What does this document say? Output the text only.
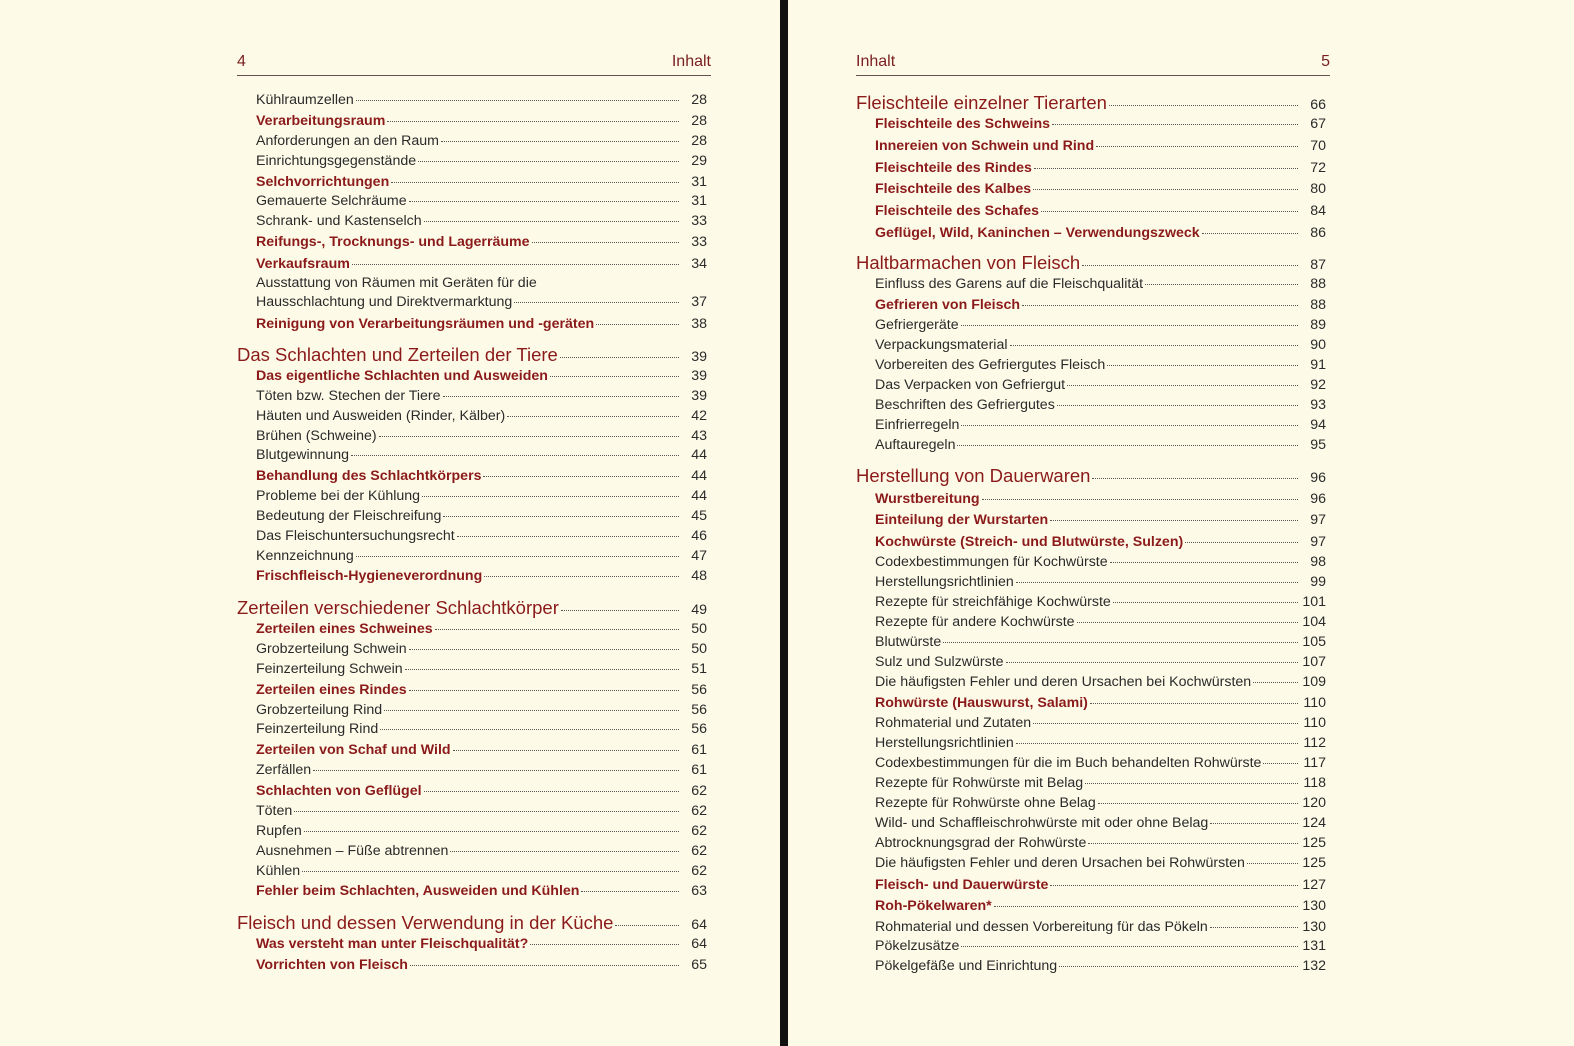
4	Inhalt
Kühlraumzellen	28
Verarbeitungsraum	28
Anforderungen an den Raum	28
Einrichtungsgegenstände	29
Selchvorrichtungen	31
Gemauerte Selchräume	31
Schrank- und Kastenselch	33
Reifungs-, Trocknungs- und Lagerräume	33
Verkaufsraum	34
Ausstattung von Räumen mit Geräten für die
Hausschlachtung und Direktvermarktung	37
Reinigung von Verarbeitungsräumen und -geräten	38
Das Schlachten und Zerteilen der Tiere	39
Das eigentliche Schlachten und Ausweiden	39
Töten bzw. Stechen der Tiere	39
Häuten und Ausweiden (Rinder, Kälber)	42
Brühen (Schweine)	43
Blutgewinnung	44
Behandlung des Schlachtkörpers	44
Probleme bei der Kühlung	44
Bedeutung der Fleischreifung	45
Das Fleischuntersuchungsrecht	46
Kennzeichnung	47
Frischfleisch-Hygieneverordnung	48
Zerteilen verschiedener Schlachtkörper	49
Zerteilen eines Schweines	50
Grobzerteilung Schwein	50
Feinzerteilung Schwein	51
Zerteilen eines Rindes	56
Grobzerteilung Rind	56
Feinzerteilung Rind	56
Zerteilen von Schaf und Wild	61
Zerfällen	61
Schlachten von Geflügel	62
Töten	62
Rupfen	62
Ausnehmen – Füße abtrennen	62
Kühlen	62
Fehler beim Schlachten, Ausweiden und Kühlen	63
Fleisch und dessen Verwendung in der Küche	64
Was versteht man unter Fleischqualität?	64
Vorrichten von Fleisch	65
Inhalt	5
Fleischteile einzelner Tierarten	66
Fleischteile des Schweins	67
Innereien von Schwein und Rind	70
Fleischteile des Rindes	72
Fleischteile des Kalbes	80
Fleischteile des Schafes	84
Geflügel, Wild, Kaninchen – Verwendungszweck	86
Haltbarmachen von Fleisch	87
Einfluss des Garens auf die Fleischqualität	88
Gefrieren von Fleisch	88
Gefriergeräte	89
Verpackungsmaterial	90
Vorbereiten des Gefriergutes Fleisch	91
Das Verpacken von Gefriergut	92
Beschriften des Gefriergutes	93
Einfrierregeln	94
Auftauregeln	95
Herstellung von Dauerwaren	96
Wurstbereitung	96
Einteilung der Wurstarten	97
Kochwürste (Streich- und Blutwürste, Sulzen)	97
Codexbestimmungen für Kochwürste	98
Herstellungsrichtlinien	99
Rezepte für streichfähige Kochwürste	101
Rezepte für andere Kochwürste	104
Blutwürste	105
Sulz und Sulzwürste	107
Die häufigsten Fehler und deren Ursachen bei Kochwürsten	109
Rohwürste (Hauswurst, Salami)	110
Rohmaterial und Zutaten	110
Herstellungsrichtlinien	112
Codexbestimmungen für die im Buch behandelten Rohwürste	117
Rezepte für Rohwürste mit Belag	118
Rezepte für Rohwürste ohne Belag	120
Wild- und Schaffleischrohwürste mit oder ohne Belag	124
Abtrocknungsgrad der Rohwürste	125
Die häufigsten Fehler und deren Ursachen bei Rohwürsten	125
Fleisch- und Dauerwürste	127
Roh-Pökelwaren*	130
Rohmaterial und dessen Vorbereitung für das Pökeln	130
Pökelzusätze	131
Pökelgefäße und Einrichtung	132
